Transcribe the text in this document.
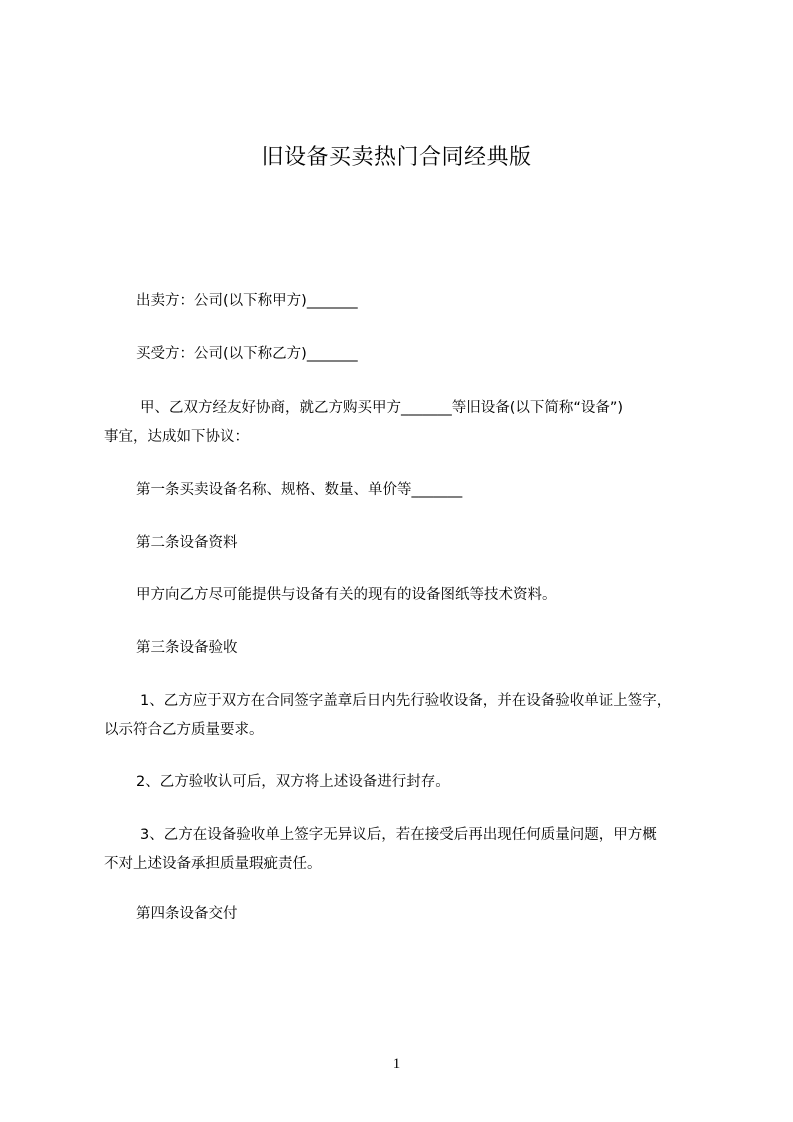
旧设备买卖热门合同经典版

出卖方：公司(以下称甲方)_______

买受方：公司(以下称乙方)_______

甲、乙双方经友好协商，就乙方购买甲方_______等旧设备(以下简称“设备”)
事宜，达成如下协议：

第一条买卖设备名称、规格、数量、单价等_______

第二条设备资料

甲方向乙方尽可能提供与设备有关的现有的设备图纸等技术资料。

第三条设备验收

1、乙方应于双方在合同签字盖章后日内先行验收设备，并在设备验收单证上签字，
以示符合乙方质量要求。

2、乙方验收认可后，双方将上述设备进行封存。

3、乙方在设备验收单上签字无异议后，若在接受后再出现任何质量问题，甲方概
不对上述设备承担质量瑕疵责任。

第四条设备交付

1
